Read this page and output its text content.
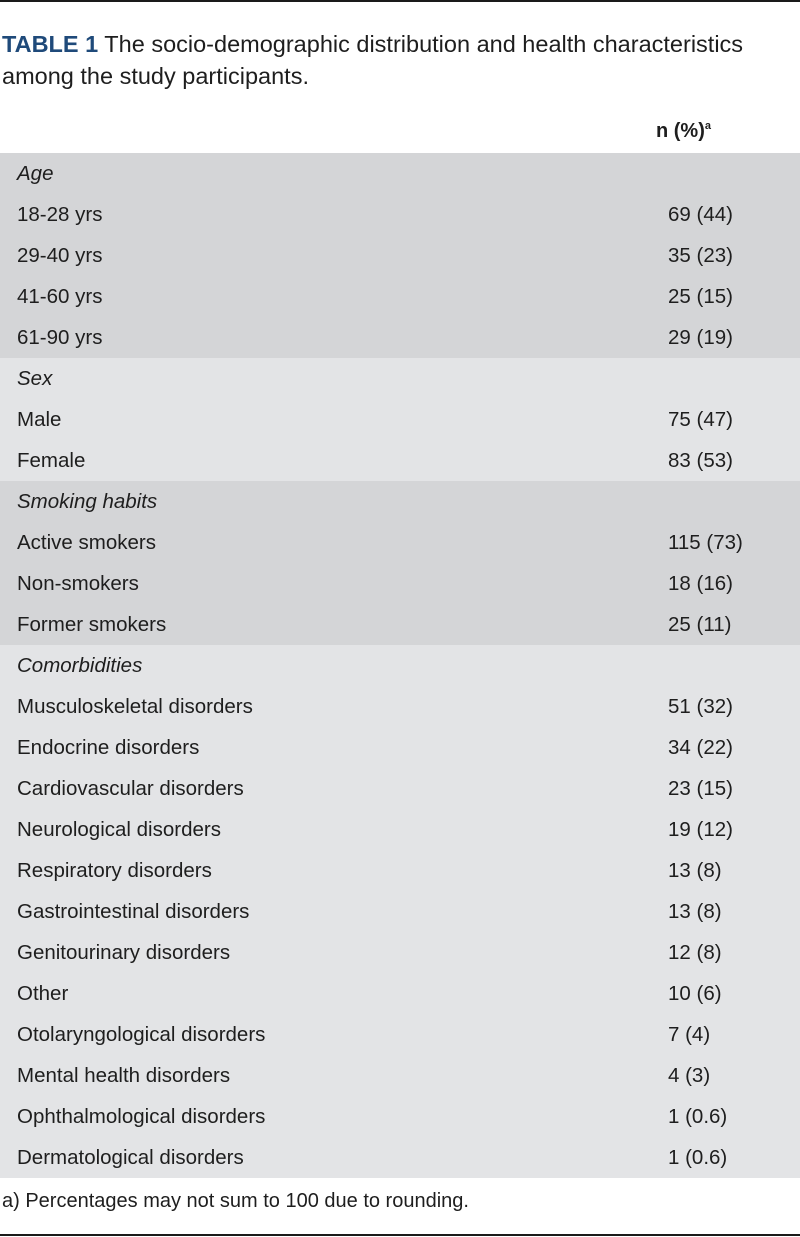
TABLE 1 The socio-demographic distribution and health characteristics among the study participants.
n (%)$^a$
Age
18-28 yrs	69 (44)
29-40 yrs	35 (23)
41-60 yrs	25 (15)
61-90 yrs	29 (19)
Sex
Male	75 (47)
Female	83 (53)
Smoking habits
Active smokers	115 (73)
Non-smokers	18 (16)
Former smokers	25 (11)
Comorbidities
Musculoskeletal disorders	51 (32)
Endocrine disorders	34 (22)
Cardiovascular disorders	23 (15)
Neurological disorders	19 (12)
Respiratory disorders	13 (8)
Gastrointestinal disorders	13 (8)
Genitourinary disorders	12 (8)
Other	10 (6)
Otolaryngological disorders	7 (4)
Mental health disorders	4 (3)
Ophthalmological disorders	1 (0.6)
Dermatological disorders	1 (0.6)
a) Percentages may not sum to 100 due to rounding.
